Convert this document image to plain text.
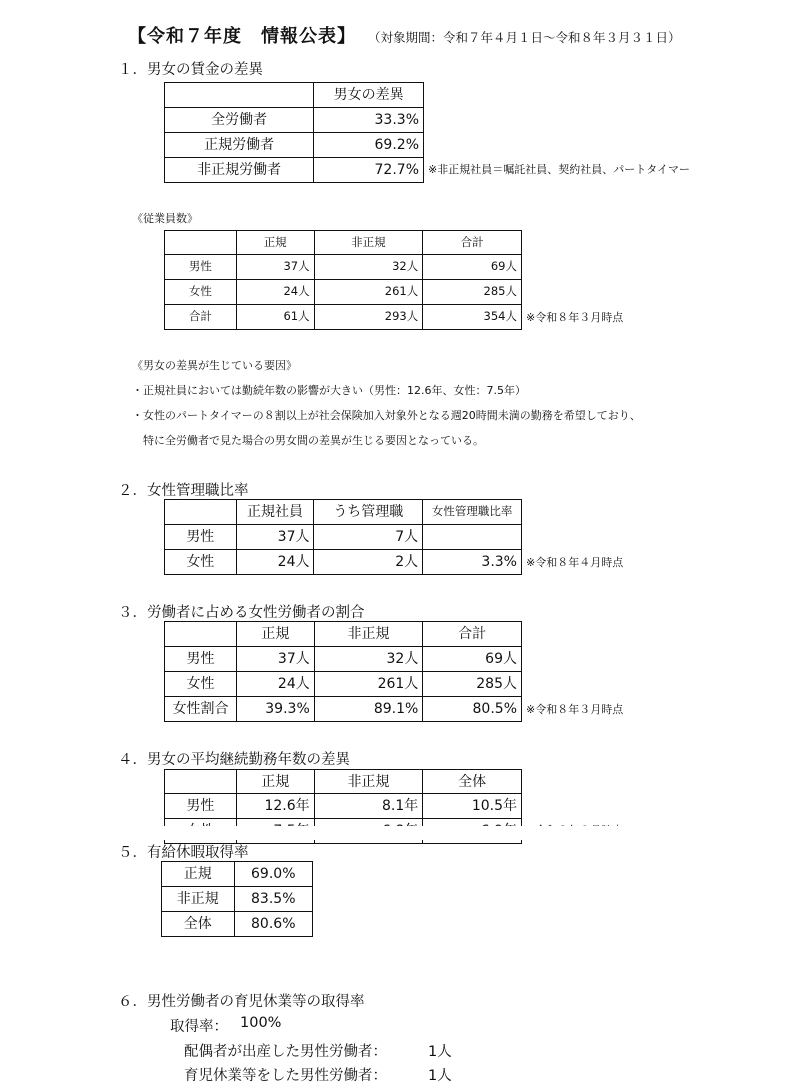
【令和７年度　情報公表】 （対象期間：令和７年４月１日〜令和８年３月３１日）
１．男女の賃金の差異
	男女の差異
全労働者	33.3%
正規労働者	69.2%
非正規労働者	72.7% ※非正規社員＝嘱託社員、契約社員、パートタイマー
《従業員数》
	正規	非正規	合計
男性	37人	32人	69人
女性	24人	261人	285人
合計	61人	293人	354人 ※令和８年３月時点
《男女の差異が生じている要因》
・正規社員においては勤続年数の影響が大きい（男性：12.6年、女性：7.5年）
・女性のパートタイマーの８割以上が社会保険加入対象外となる週20時間未満の勤務を希望しており、
特に全労働者で見た場合の男女間の差異が生じる要因となっている。
２．女性管理職比率
	正規社員	うち管理職	女性管理職比率
男性	37人	7人	
女性	24人	2人	3.3% ※令和８年４月時点
３．労働者に占める女性労働者の割合
	正規	非正規	合計
男性	37人	32人	69人
女性	24人	261人	285人
女性割合	39.3%	89.1%	80.5% ※令和８年３月時点
４．男女の平均継続勤務年数の差異
	正規	非正規	全体
男性	12.6年	8.1年	10.5年

５．有給休暇取得率
正規	69.0%
非正規	83.5%
全体	80.6%
６．男性労働者の育児休業等の取得率
取得率： 100%
配偶者が出産した男性労働者：	1人
育児休業等をした男性労働者：	1人
